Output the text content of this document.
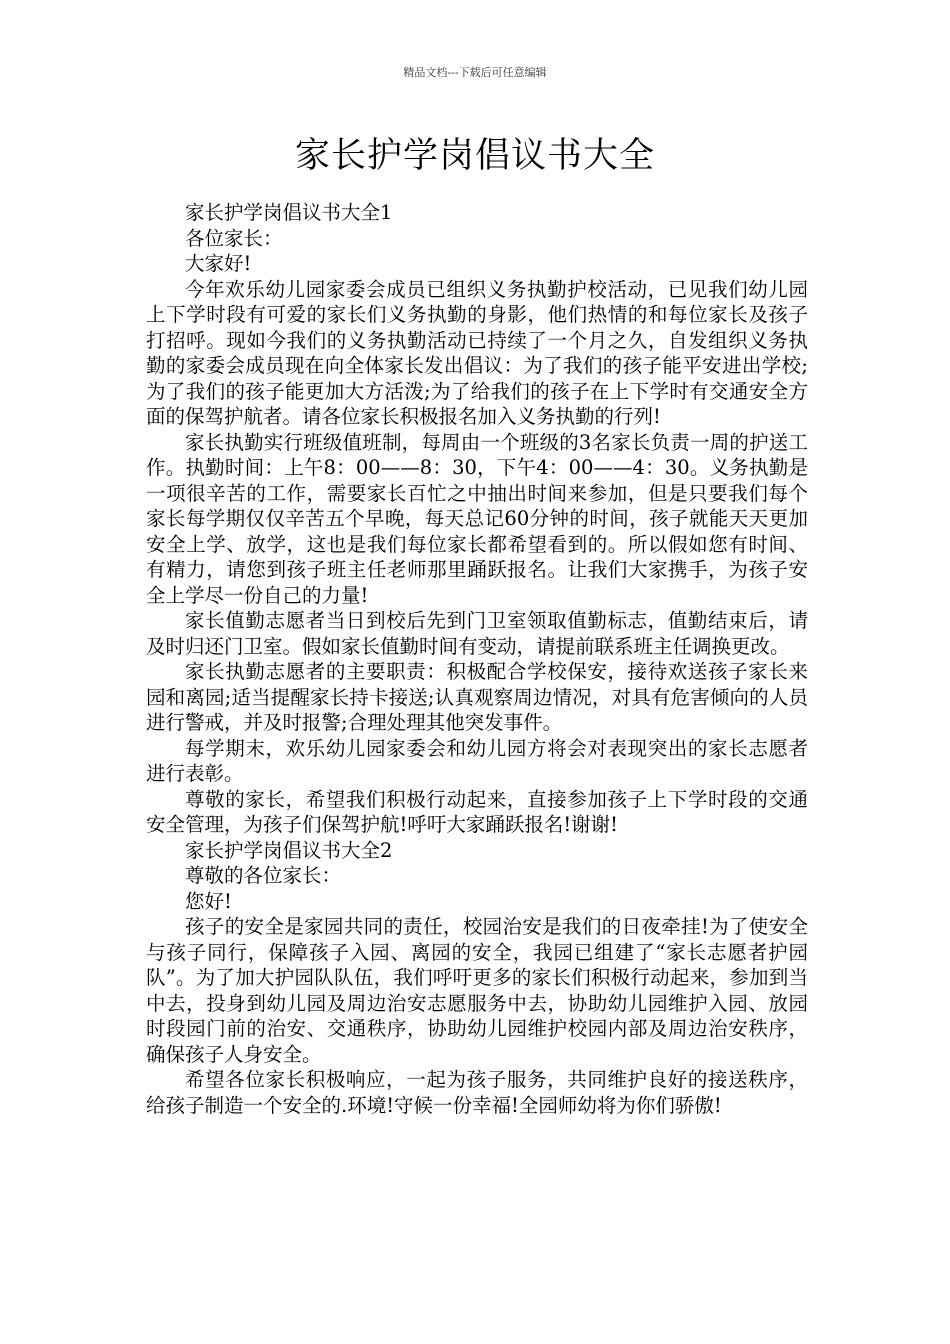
精品文档---下载后可任意编辑
家长护学岗倡议书大全

家长护学岗倡议书大全1

各位家长：

大家好!

今年欢乐幼儿园家委会成员已组织义务执勤护校活动，已见我们幼儿园上下学时段有可爱的家长们义务执勤的身影，他们热情的和每位家长及孩子打招呼。现如今我们的义务执勤活动已持续了一个月之久，自发组织义务执勤的家委会成员现在向全体家长发出倡议：为了我们的孩子能平安进出学校;为了我们的孩子能更加大方活泼;为了给我们的孩子在上下学时有交通安全方面的保驾护航者。请各位家长积极报名加入义务执勤的行列!

家长执勤实行班级值班制，每周由一个班级的3名家长负责一周的护送工作。执勤时间：上午8：00——8：30，下午4：00——4：30。义务执勤是一项很辛苦的工作，需要家长百忙之中抽出时间来参加，但是只要我们每个家长每学期仅仅辛苦五个早晚，每天总记60分钟的时间，孩子就能天天更加安全上学、放学，这也是我们每位家长都希望看到的。所以假如您有时间、有精力，请您到孩子班主任老师那里踊跃报名。让我们大家携手，为孩子安全上学尽一份自己的力量!

家长值勤志愿者当日到校后先到门卫室领取值勤标志，值勤结束后，请及时归还门卫室。假如家长值勤时间有变动，请提前联系班主任调换更改。

家长执勤志愿者的主要职责：积极配合学校保安，接待欢送孩子家长来园和离园;适当提醒家长持卡接送;认真观察周边情况，对具有危害倾向的人员进行警戒，并及时报警;合理处理其他突发事件。

每学期末，欢乐幼儿园家委会和幼儿园方将会对表现突出的家长志愿者进行表彰。

尊敬的家长，希望我们积极行动起来，直接参加孩子上下学时段的交通安全管理，为孩子们保驾护航!呼吁大家踊跃报名!谢谢!

家长护学岗倡议书大全2

尊敬的各位家长：

您好!

孩子的安全是家园共同的责任，校园治安是我们的日夜牵挂!为了使安全与孩子同行，保障孩子入园、离园的安全，我园已组建了“家长志愿者护园队”。为了加大护园队队伍，我们呼吁更多的家长们积极行动起来，参加到当中去，投身到幼儿园及周边治安志愿服务中去，协助幼儿园维护入园、放园时段园门前的治安、交通秩序，协助幼儿园维护校园内部及周边治安秩序，确保孩子人身安全。

希望各位家长积极响应，一起为孩子服务，共同维护良好的接送秩序，给孩子制造一个安全的.环境!守候一份幸福!全园师幼将为你们骄傲!
